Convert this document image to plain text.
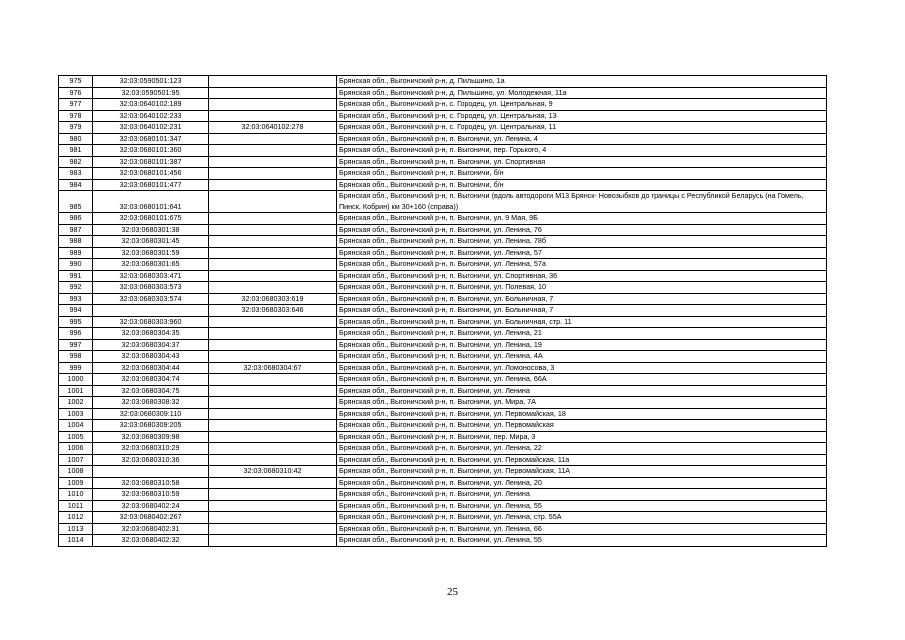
975	32:03:0590501:123		Брянская обл., Выгоничский р-н, д. Пильшино, 1а
976	32:03:0590501:95		Брянская обл., Выгоничский р-н, д. Пильшино, ул. Молодежная, 11а
977	32:03:0640102:189		Брянская обл., Выгоничский р-н, с. Городец, ул. Центральная, 9
978	32:03:0640102:233		Брянская обл., Выгоничский р-н, с. Городец, ул. Центральная, 13
979	32:03:0640102:231	32:03:0640102:278	Брянская обл., Выгоничский р-н, с. Городец, ул. Центральная, 11
980	32:03:0680101:347		Брянская обл., Выгоничский р-н, п. Выгоничи, ул. Ленина, 4
981	32:03:0680101:360		Брянская обл., Выгоничский р-н, п. Выгоничи, пер. Горького, 4
982	32:03:0680101:387		Брянская обл., Выгоничский р-н, п. Выгоничи, ул. Спортивная
983	32:03:0680101:456		Брянская обл., Выгоничский р-н, п. Выгоничи, б/н
984	32:03:0680101:477		Брянская обл., Выгоничский р-н, п. Выгоничи, б/н
985	32:03:0680101:641		Брянская обл., Выгоничский р-н, п. Выгоничи (вдоль автодороги М13 Брянск- Новозыбков до границы с Республикой Беларусь (на Гомель, Пинск, Кобрин) км 30+160 (справа))
986	32:03:0680101:675		Брянская обл., Выгоничский р-н, п. Выгоничи, ул. 9 Мая, 9Б
987	32:03:0680301:38		Брянская обл., Выгоничский р-н, п. Выгоничи, ул. Ленина, 76
988	32:03:0680301:45		Брянская обл., Выгоничский р-н, п. Выгоничи, ул. Ленина, 78б
989	32:03:0680301:59		Брянская обл., Выгоничский р-н, п. Выгоничи, ул. Ленина, 57
990	32:03:0680301:65		Брянская обл., Выгоничский р-н, п. Выгоничи, ул. Ленина, 57а
991	32:03:0680303:471		Брянская обл., Выгоничский р-н, п. Выгоничи, ул. Спортивная, 36
992	32:03:0680303:573		Брянская обл., Выгоничский р-н, п. Выгоничи, ул. Полевая, 10
993	32:03:0680303:574	32:03:0680303:619	Брянская обл., Выгоничский р-н, п. Выгоничи, ул. Больничная, 7
994		32:03:0680303:646	Брянская обл., Выгоничский р-н, п. Выгоничи, ул. Больничная, 7
995	32:03:0680303:960		Брянская обл., Выгоничский р-н, п. Выгоничи, ул. Больничная, стр. 11
996	32:03:0680304:35		Брянская обл., Выгоничский р-н, п. Выгоничи, ул. Ленина, 21
997	32:03:0680304:37		Брянская обл., Выгоничский р-н, п. Выгоничи, ул. Ленина, 19
998	32:03:0680304:43		Брянская обл., Выгоничский р-н, п. Выгоничи, ул. Ленина, 4А
999	32:03:0680304:44	32:03:0680304:67	Брянская обл., Выгоничский р-н, п. Выгоничи, ул. Ломоносова, 3
1000	32:03:0680304:74		Брянская обл., Выгоничский р-н, п. Выгоничи, ул. Ленина, 66А
1001	32:03:0680304:75		Брянская обл., Выгоничский р-н, п. Выгоничи, ул. Ленина
1002	32:03:0680308:32		Брянская обл., Выгоничский р-н, п. Выгоничи, ул. Мира, 7А
1003	32:03:0680309:110		Брянская обл., Выгоничский р-н, п. Выгоничи, ул. Первомайская, 18
1004	32:03:0680309:205		Брянская обл., Выгоничский р-н, п. Выгоничи, ул. Первомайская
1005	32:03:0680309:98		Брянская обл., Выгоничский р-н, п. Выгоничи, пер. Мира, 3
1006	32:03:0680310:29		Брянская обл., Выгоничский р-н, п. Выгоничи, ул. Ленина, 22
1007	32:03:0680310:36		Брянская обл., Выгоничский р-н, п. Выгоничи, ул. Первомайская, 11а
1008		32:03:0680310:42	Брянская обл., Выгоничский р-н, п. Выгоничи, ул. Первомайская, 11А
1009	32:03:0680310:58		Брянская обл., Выгоничский р-н, п. Выгоничи, ул. Ленина, 20
1010	32:03:0680310:59		Брянская обл., Выгоничский р-н, п. Выгоничи, ул. Ленина
1011	32:03:0680402:24		Брянская обл., Выгоничский р-н, п. Выгоничи, ул. Ленина, 55
1012	32:03:0680402:267		Брянская обл., Выгоничский р-н, п. Выгоничи, ул. Ленина, стр. 55А
1013	32:03:0680402:31		Брянская обл., Выгоничский р-н, п. Выгоничи, ул. Ленина, 66
1014	32:03:0680402:32		Брянская обл., Выгоничский р-н, п. Выгоничи, ул. Ленина, 55
25
